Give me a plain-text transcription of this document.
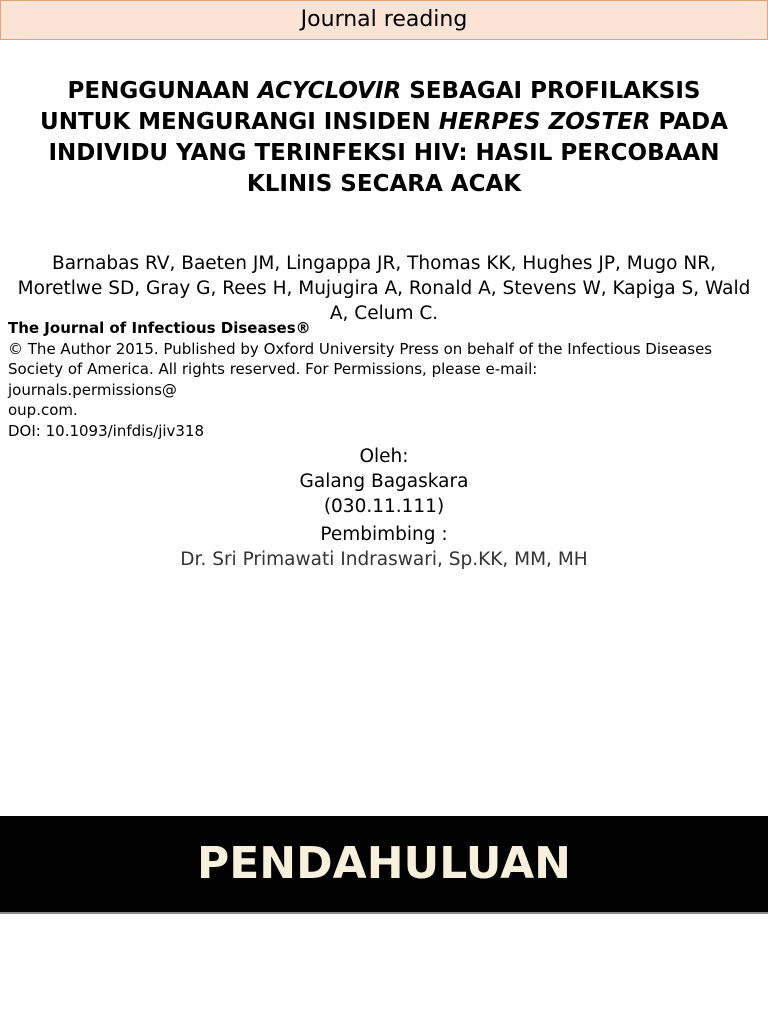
Journal reading
PENGGUNAAN ACYCLOVIR SEBAGAI PROFILAKSIS UNTUK MENGURANGI INSIDEN HERPES ZOSTER PADA INDIVIDU YANG TERINFEKSI HIV: HASIL PERCOBAAN KLINIS SECARA ACAK
Barnabas RV, Baeten JM, Lingappa JR, Thomas KK, Hughes JP, Mugo NR, Moretlwe SD, Gray G, Rees H, Mujugira A, Ronald A, Stevens W, Kapiga S, Wald A, Celum C.
The Journal of Infectious Diseases®
© The Author 2015. Published by Oxford University Press on behalf of the Infectious Diseases
Society of America. All rights reserved. For Permissions, please e-mail:
journals.permissions@
oup.com.
DOI: 10.1093/infdis/jiv318
Oleh:
Galang Bagaskara
(030.11.111)
Pembimbing :
Dr. Sri Primawati Indraswari, Sp.KK, MM, MH
PENDAHULUAN
